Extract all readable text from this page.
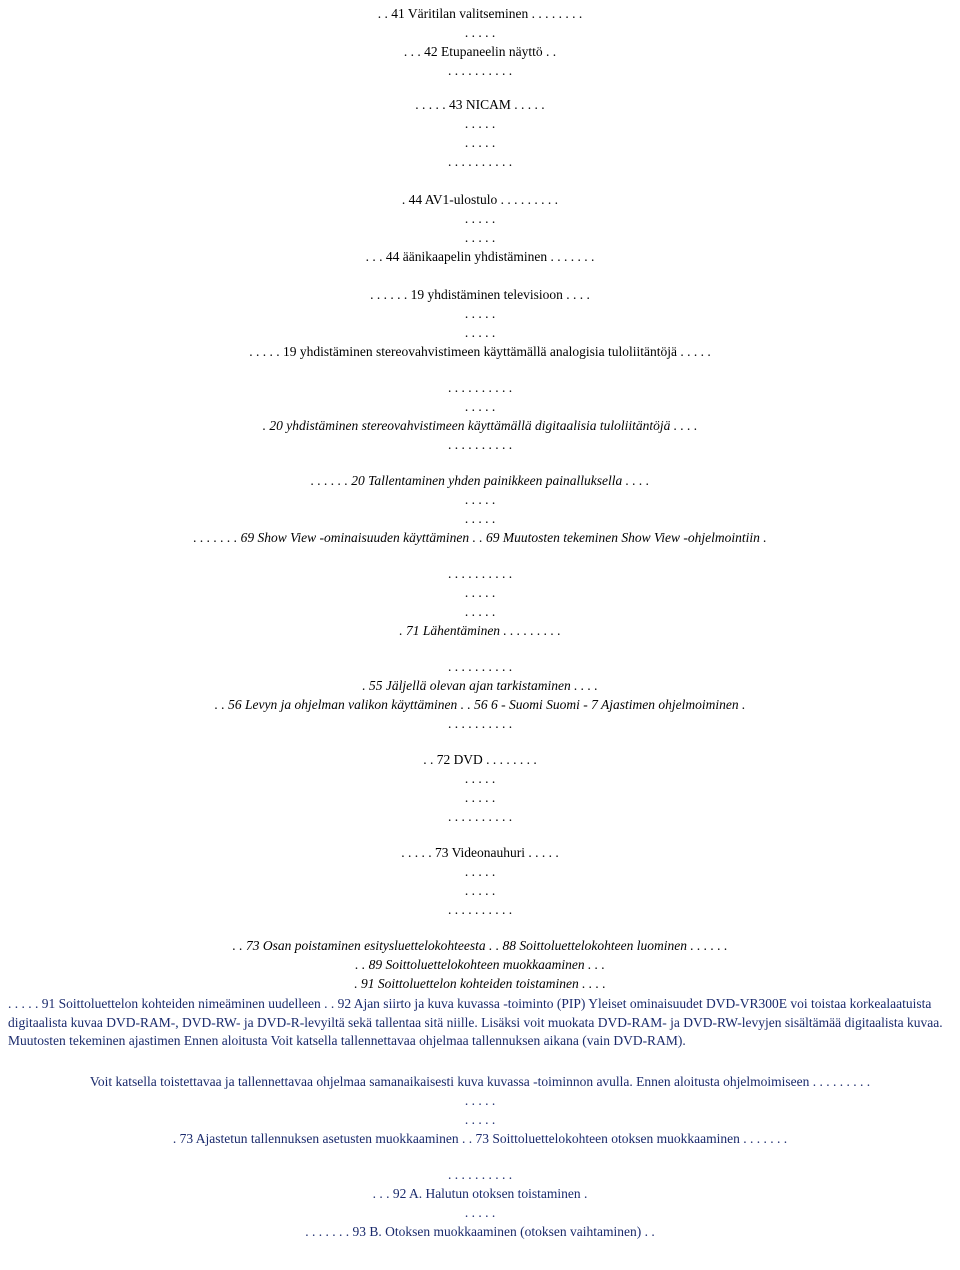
. . 41 Väritilan valitseminen . . . . . . . .
. . . . .
. . . 42 Etupaneelin näyttö . .
. . . . . . . . . .
. . . . . 43 NICAM . . . . .
. . . . .
. . . . .
. . . . . . . . . .
. 44 AV1-ulostulo . . . . . . . . .
. . . . .
. . . . .
. . . 44 äänikaapelin yhdistäminen . . . . . . .
. . . . . . 19 yhdistäminen televisioon . . . .
. . . . .
. . . . .
. . . . . 19 yhdistäminen stereovahvistimeen käyttämällä analogisia tuloliitäntöjä . . . . .
. . . . . . . . . .
. . . . .
. 20 yhdistäminen stereovahvistimeen käyttämällä digitaalisia tuloliitäntöjä . . . .
. . . . . . . . . .
. . . . . . 20 Tallentaminen yhden painikkeen painalluksella . . . .
. . . . .
. . . . .
. . . . . . . 69 Show View -ominaisuuden käyttäminen . . 69 Muutosten tekeminen Show View -ohjelmointiin .
. . . . . . . . . .
. . . . .
. . . . .
. 71 Lähentäminen . . . . . . . . .
. . . . . . . . . .
. 55 Jäljellä olevan ajan tarkistaminen . . . .
. . 56 Levyn ja ohjelman valikon käyttäminen . . 56 6 - Suomi Suomi - 7 Ajastimen ohjelmoiminen .
. . . . . . . . . .
. . 72 DVD . . . . . . . .
. . . . .
. . . . .
. . . . . . . . . .
. . . . . 73 Videonauhuri . . . . .
. . . . .
. . . . .
. . . . . . . . . .
. . 73 Osan poistaminen esitysluettelokohteesta . . 88 Soittoluettelokohteen luominen . . . . . .
. . 89 Soittoluettelokohteen muokkaaminen . . .
. 91 Soittoluettelon kohteiden toistaminen . . . .
. . . . . 91 Soittoluettelon kohteiden nimeäminen uudelleen . . 92 Ajan siirto ja kuva kuvassa -toiminto (PIP) Yleiset ominaisuudet DVD-VR300E voi toistaa korkealaatuista digitaalista kuvaa DVD-RAM-, DVD-RW- ja DVD-R-levyiltä sekä tallentaa sitä niille. Lisäksi voit muokata DVD-RAM- ja DVD-RW-levyjen sisältämää digitaalista kuvaa. Muutosten tekeminen ajastimen Ennen aloitusta Voit katsella tallennettavaa ohjelmaa tallennuksen aikana (vain DVD-RAM).
Voit katsella toistettavaa ja tallennettavaa ohjelmaa samanaikaisesti kuva kuvassa -toiminnon avulla. Ennen aloitusta ohjelmoimiseen . . . . . . . . .
. . . . .
. . . . .
. 73 Ajastetun tallennuksen asetusten muokkaaminen . . 73 Soittoluettelokohteen otoksen muokkaaminen . . . . . . .
. . . . . . . . . .
. . . 92 A. Halutun otoksen toistaminen .
. . . . .
. . . . . . . 93 B. Otoksen muokkaaminen (otoksen vaihtaminen) . .
